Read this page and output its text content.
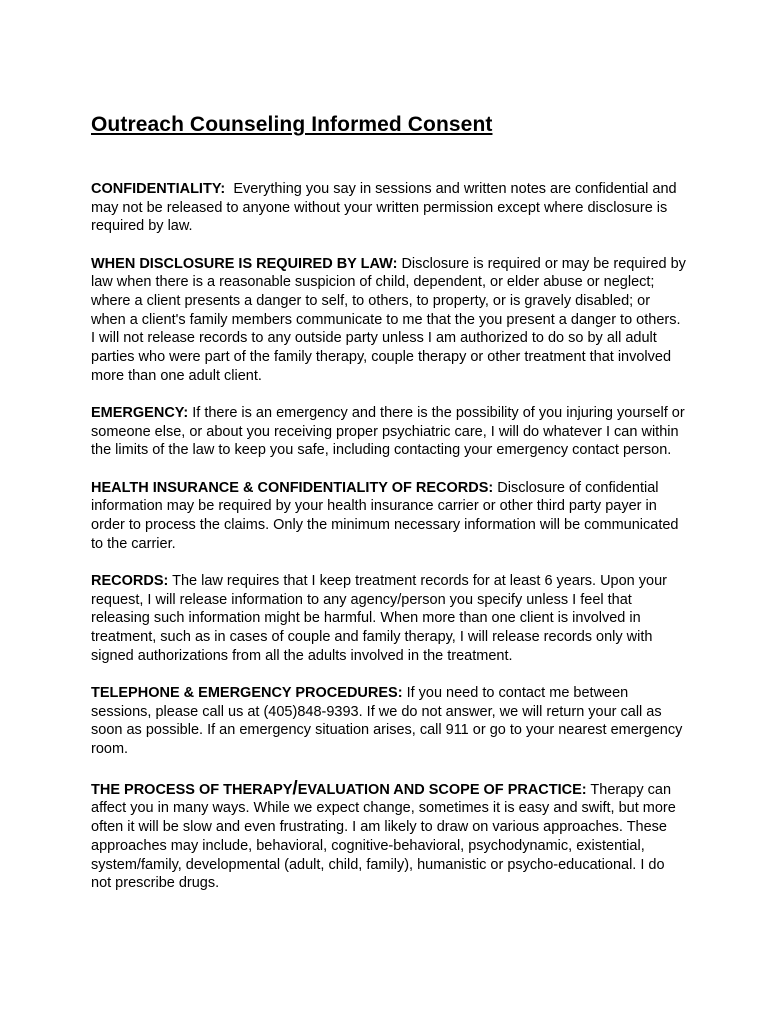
Outreach Counseling Informed Consent

CONFIDENTIALITY: Everything you say in sessions and written notes are confidential and may not be released to anyone without your written permission except where disclosure is required by law.

WHEN DISCLOSURE IS REQUIRED BY LAW: Disclosure is required or may be required by law when there is a reasonable suspicion of child, dependent, or elder abuse or neglect; where a client presents a danger to self, to others, to property, or is gravely disabled; or when a client's family members communicate to me that the you present a danger to others. I will not release records to any outside party unless I am authorized to do so by all adult parties who were part of the family therapy, couple therapy or other treatment that involved more than one adult client.

EMERGENCY: If there is an emergency and there is the possibility of you injuring yourself or someone else, or about you receiving proper psychiatric care, I will do whatever I can within the limits of the law to keep you safe, including contacting your emergency contact person.

HEALTH INSURANCE & CONFIDENTIALITY OF RECORDS: Disclosure of confidential information may be required by your health insurance carrier or other third party payer in order to process the claims. Only the minimum necessary information will be communicated to the carrier.

RECORDS: The law requires that I keep treatment records for at least 6 years. Upon your request, I will release information to any agency/person you specify unless I feel that releasing such information might be harmful. When more than one client is involved in treatment, such as in cases of couple and family therapy, I will release records only with signed authorizations from all the adults involved in the treatment.

TELEPHONE & EMERGENCY PROCEDURES: If you need to contact me between sessions, please call us at (405)848-9393. If we do not answer, we will return your call as soon as possible. If an emergency situation arises, call 911 or go to your nearest emergency room.

THE PROCESS OF THERAPY/EVALUATION AND SCOPE OF PRACTICE: Therapy can affect you in many ways. While we expect change, sometimes it is easy and swift, but more often it will be slow and even frustrating. I am likely to draw on various approaches. These approaches may include, behavioral, cognitive-behavioral, psychodynamic, existential, system/family, developmental (adult, child, family), humanistic or psycho-educational. I do not prescribe drugs.
